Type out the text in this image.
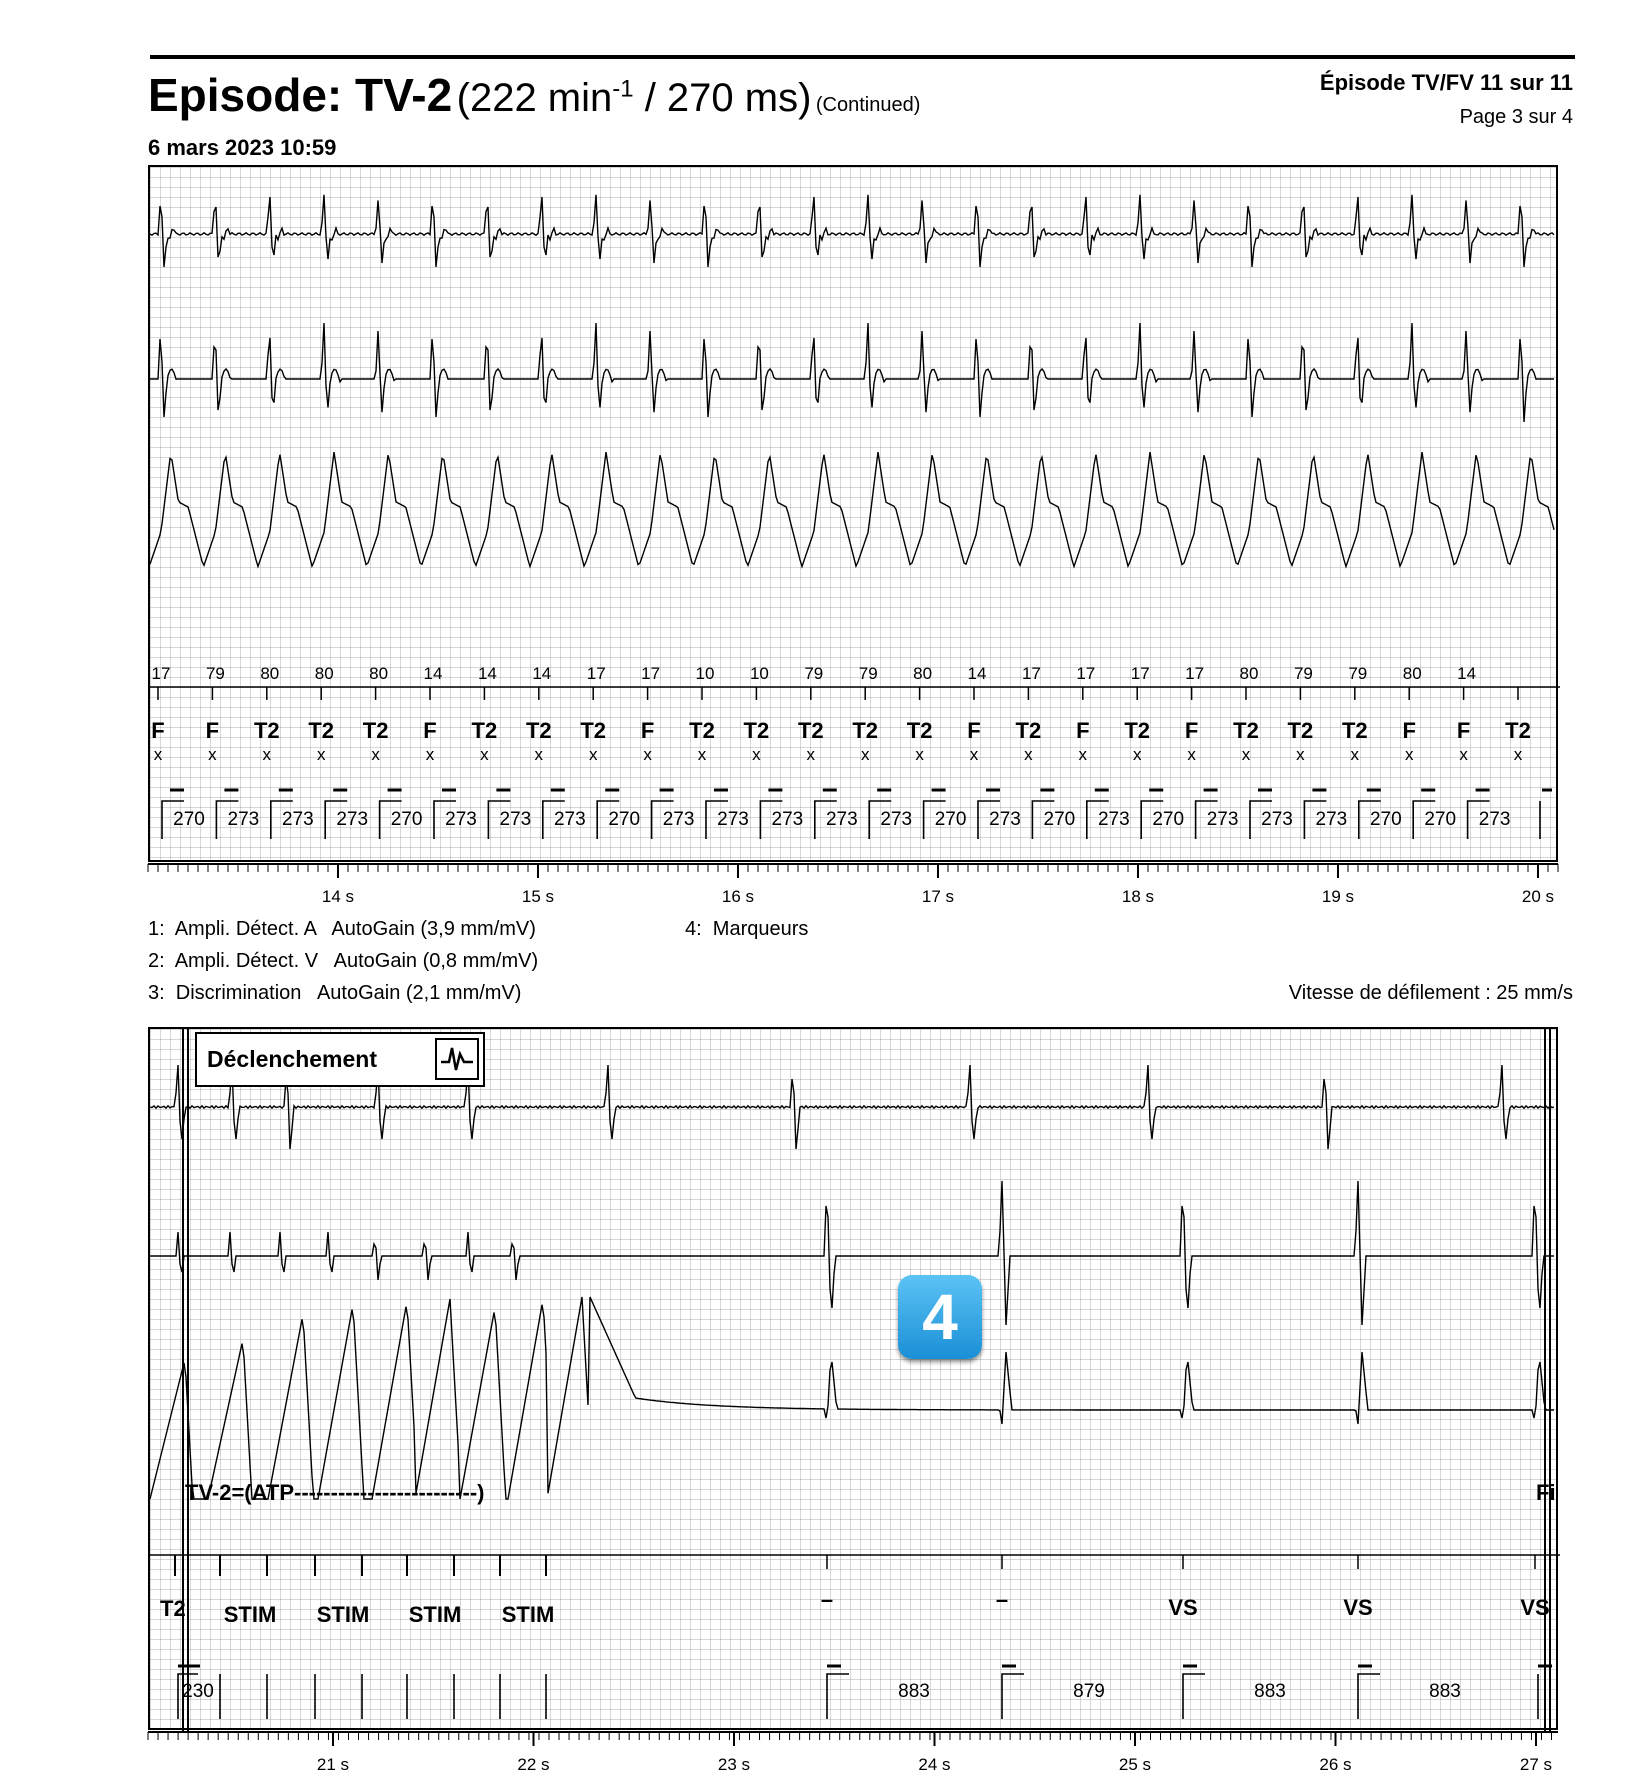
Episode: TV-2 (222 $\min^{-1} / 270$ ms) (Continued)
6 mars 2023 10:59
Épisode TV/FV 11 sur 11
Page 3 sur 4
17 79 80 80 80 14 14 14 17 17 10 10 79 79 80 14 17 17 17 17 80 79 79 80 14
F
x
F
x
T2
x
T2
x
T2
x
F
x
T2
x
T2
x
T2
x
F
x
T2
x
T2
x
T2
x
T2
x
T2
x
F
x
T2
x
F
x
T2
x
F
x
T2
x
T2
x
T2
x
F
x
F
x
T2
x
270 273 273 273 270 273 273 273 270 273 273 273 273 273 270 273 270 273 270 273 273 273 270 270 273
14 s	15 s	16 s	17 s	18 s	19 s	20 s
1:  Ampli. Détect. A   AutoGain (3,9 mm/mV)
2:  Ampli. Détect. V   AutoGain (0,8 mm/mV)
3:  Discrimination   AutoGain (2,1 mm/mV)
4:  Marqueurs
Vitesse de défilement : 25 mm/s
T2 STIM STIM STIM STIM
–	–	VS	VS	VS
230	883	879	883	883
21 s	22 s	23 s	24 s	25 s	26 s	27 s
Déclenchement
4
TV-2=(ATP-------------------------)	Fi
